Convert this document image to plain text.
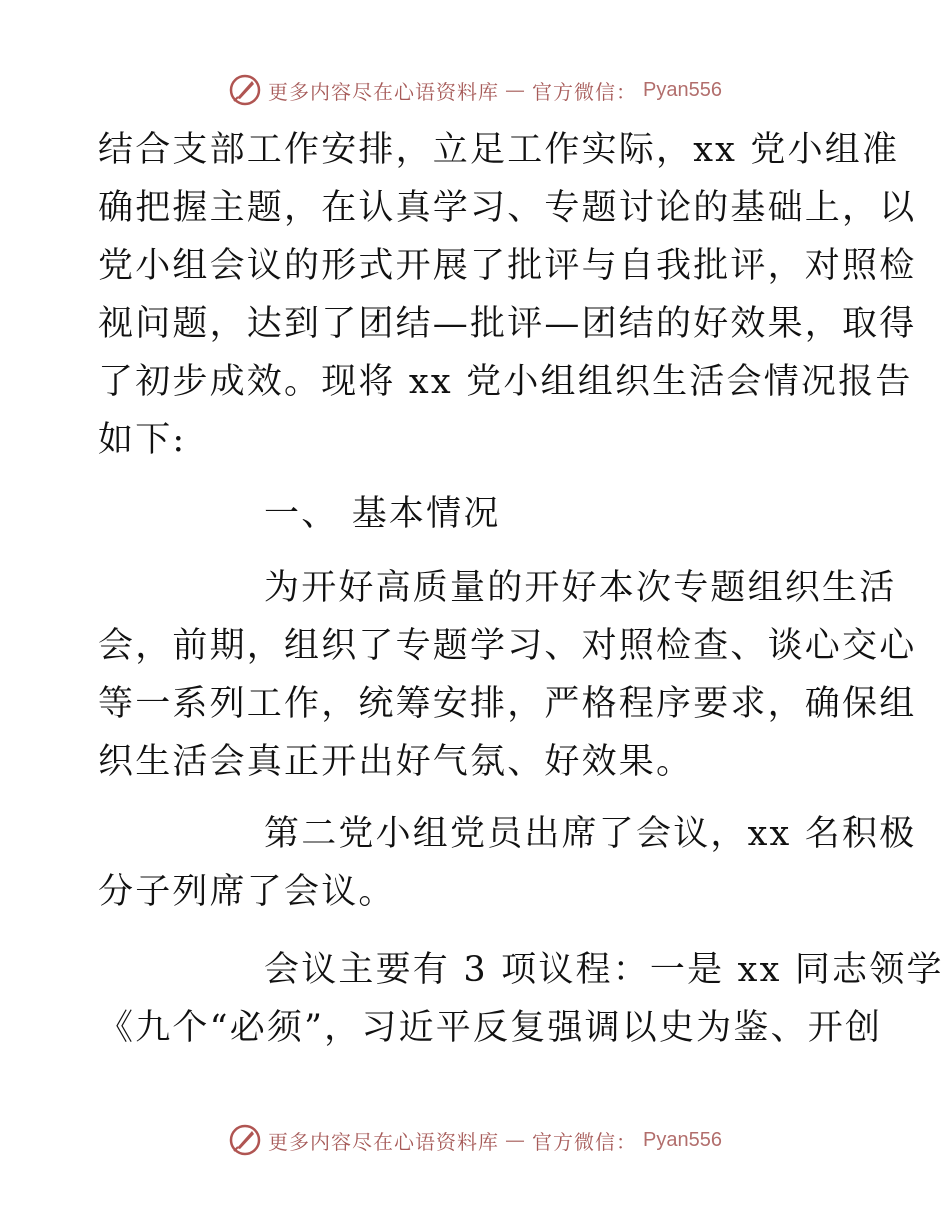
更多内容尽在心语资料库 — 官方微信： Pyan556
结合支部工作安排，立足工作实际，xx 党小组准
确把握主题，在认真学习、专题讨论的基础上，以
党小组会议的形式开展了批评与自我批评，对照检
视问题，达到了团结—批评—团结的好效果，取得
了初步成效。现将 xx 党小组组织生活会情况报告
如下:
一、 基本情况
为开好高质量的开好本次专题组织生活
会，前期，组织了专题学习、对照检查、谈心交心
等一系列工作，统筹安排，严格程序要求，确保组
织生活会真正开出好气氛、好效果。
第二党小组党员出席了会议，xx 名积极
分子列席了会议。
会议主要有 3 项议程：一是 xx 同志领学
《九个“必须”，习近平反复强调以史为鉴、开创
更多内容尽在心语资料库 — 官方微信： Pyan556
